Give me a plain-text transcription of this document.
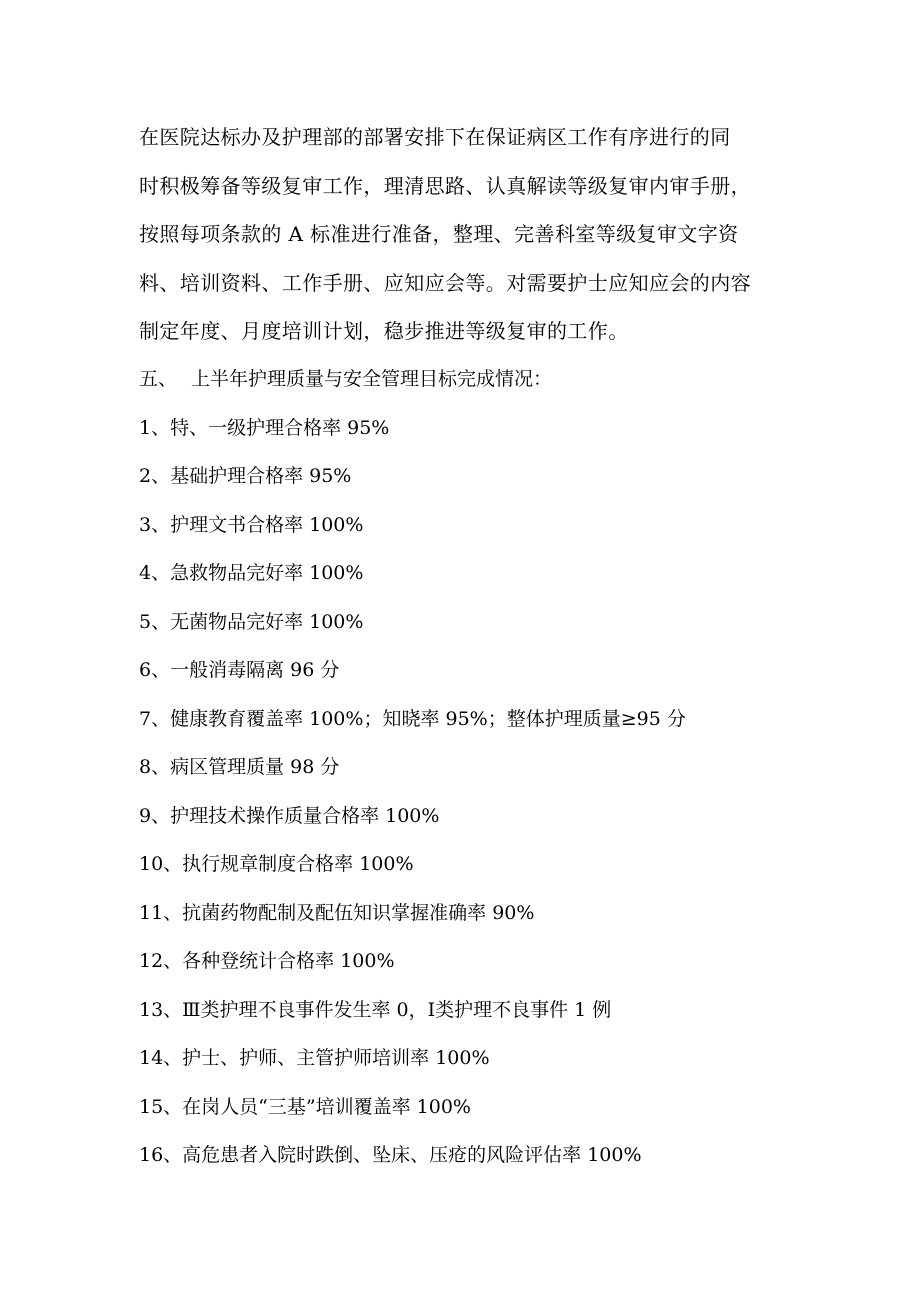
在医院达标办及护理部的部署安排下在保证病区工作有序进行的同
时积极筹备等级复审工作，理清思路、认真解读等级复审内审手册，
按照每项条款的 A 标准进行准备，整理、完善科室等级复审文字资
料、培训资料、工作手册、应知应会等。对需要护士应知应会的内容
制定年度、月度培训计划，稳步推进等级复审的工作。

五、 上半年护理质量与安全管理目标完成情况：
1、特、一级护理合格率 95%
2、基础护理合格率 95%
3、护理文书合格率 100%
4、急救物品完好率 100%
5、无菌物品完好率 100%
6、一般消毒隔离 96 分
7、健康教育覆盖率 100%；知晓率 95%；整体护理质量≥95 分
8、病区管理质量 98 分
9、护理技术操作质量合格率 100%
10、执行规章制度合格率 100%
11、抗菌药物配制及配伍知识掌握准确率 90%
12、各种登统计合格率 100%
13、Ⅲ类护理不良事件发生率 0，Ⅰ类护理不良事件 1 例
14、护士、护师、主管护师培训率 100%
15、在岗人员“三基”培训覆盖率 100%
16、高危患者入院时跌倒、坠床、压疮的风险评估率 100%
